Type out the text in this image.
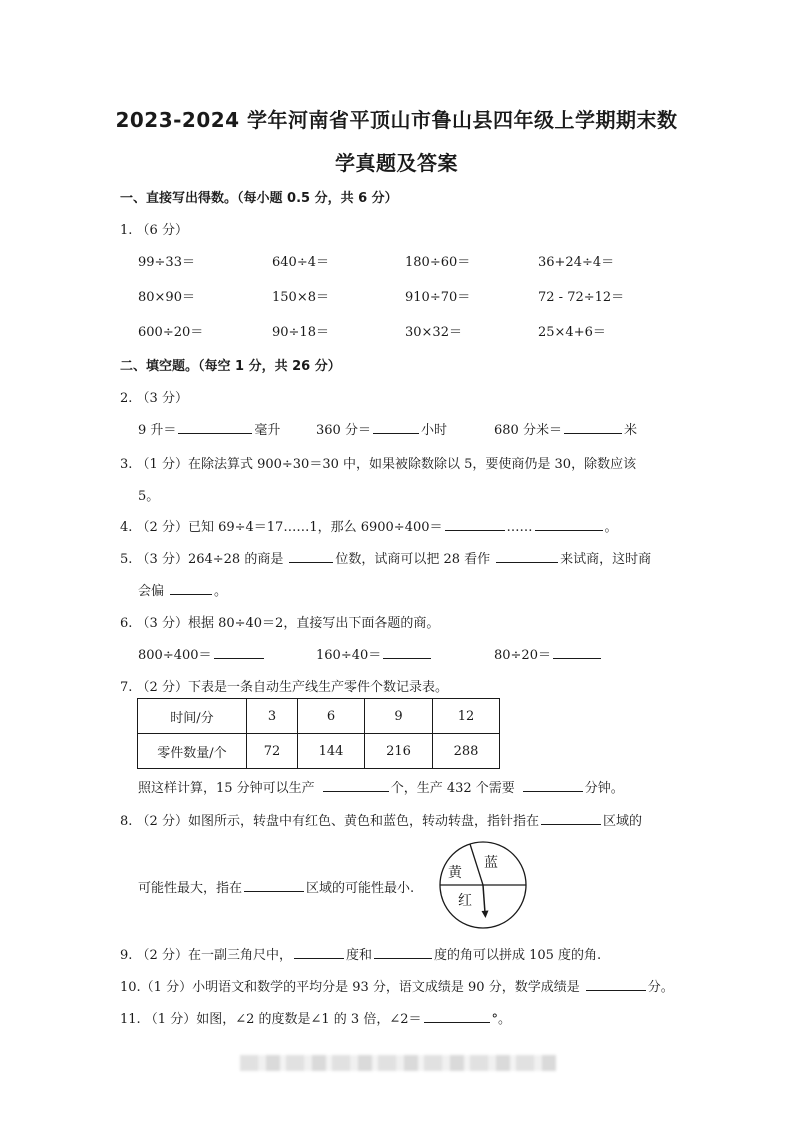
2023-2024 学年河南省平顶山市鲁山县四年级上学期期末数
学真题及答案
一、直接写出得数。（每小题 0.5 分，共 6 分）
1. （6 分）
99÷33＝	640÷4＝	180÷60＝	36+24÷4＝
80×90＝	150×8＝	910÷70＝	72 - 72÷12＝
600÷20＝	90÷18＝	30×32＝	25×4+6＝
二、填空题。（每空 1 分，共 26 分）
2. （3 分）
9 升＝	毫升	360 分＝	小时	680 分米＝	米
3. （1 分）在除法算式 900÷30＝30 中，如果被除数除以 5，要使商仍是 30，除数应该
5。
4. （2 分）已知 69÷4＝17……1，那么 6900÷400＝	……	。
5. （3 分）264÷28 的商是	位数，试商可以把 28 看作	来试商，这时商
会偏	。
6. （3 分）根据 80÷40＝2，直接写出下面各题的商。
800÷400＝	160÷40＝	80÷20＝
7. （2 分）下表是一条自动生产线生产零件个数记录表。
时间/分	3	6	9	12
零件数量/个	72	144	216	288
照这样计算，15 分钟可以生产	个，生产 432 个需要	分钟。
8. （2 分）如图所示，转盘中有红色、黄色和蓝色，转动转盘，指针指在	区域的
可能性最大，指在	区域的可能性最小.
黄
蓝
红
9. （2 分）在一副三角尺中，	度和	度的角可以拼成 105 度的角.
10.（1 分）小明语文和数学的平均分是 93 分，语文成绩是 90 分，数学成绩是	分。
11. （1 分）如图，∠2 的度数是∠1 的 3 倍，∠2＝	°。
